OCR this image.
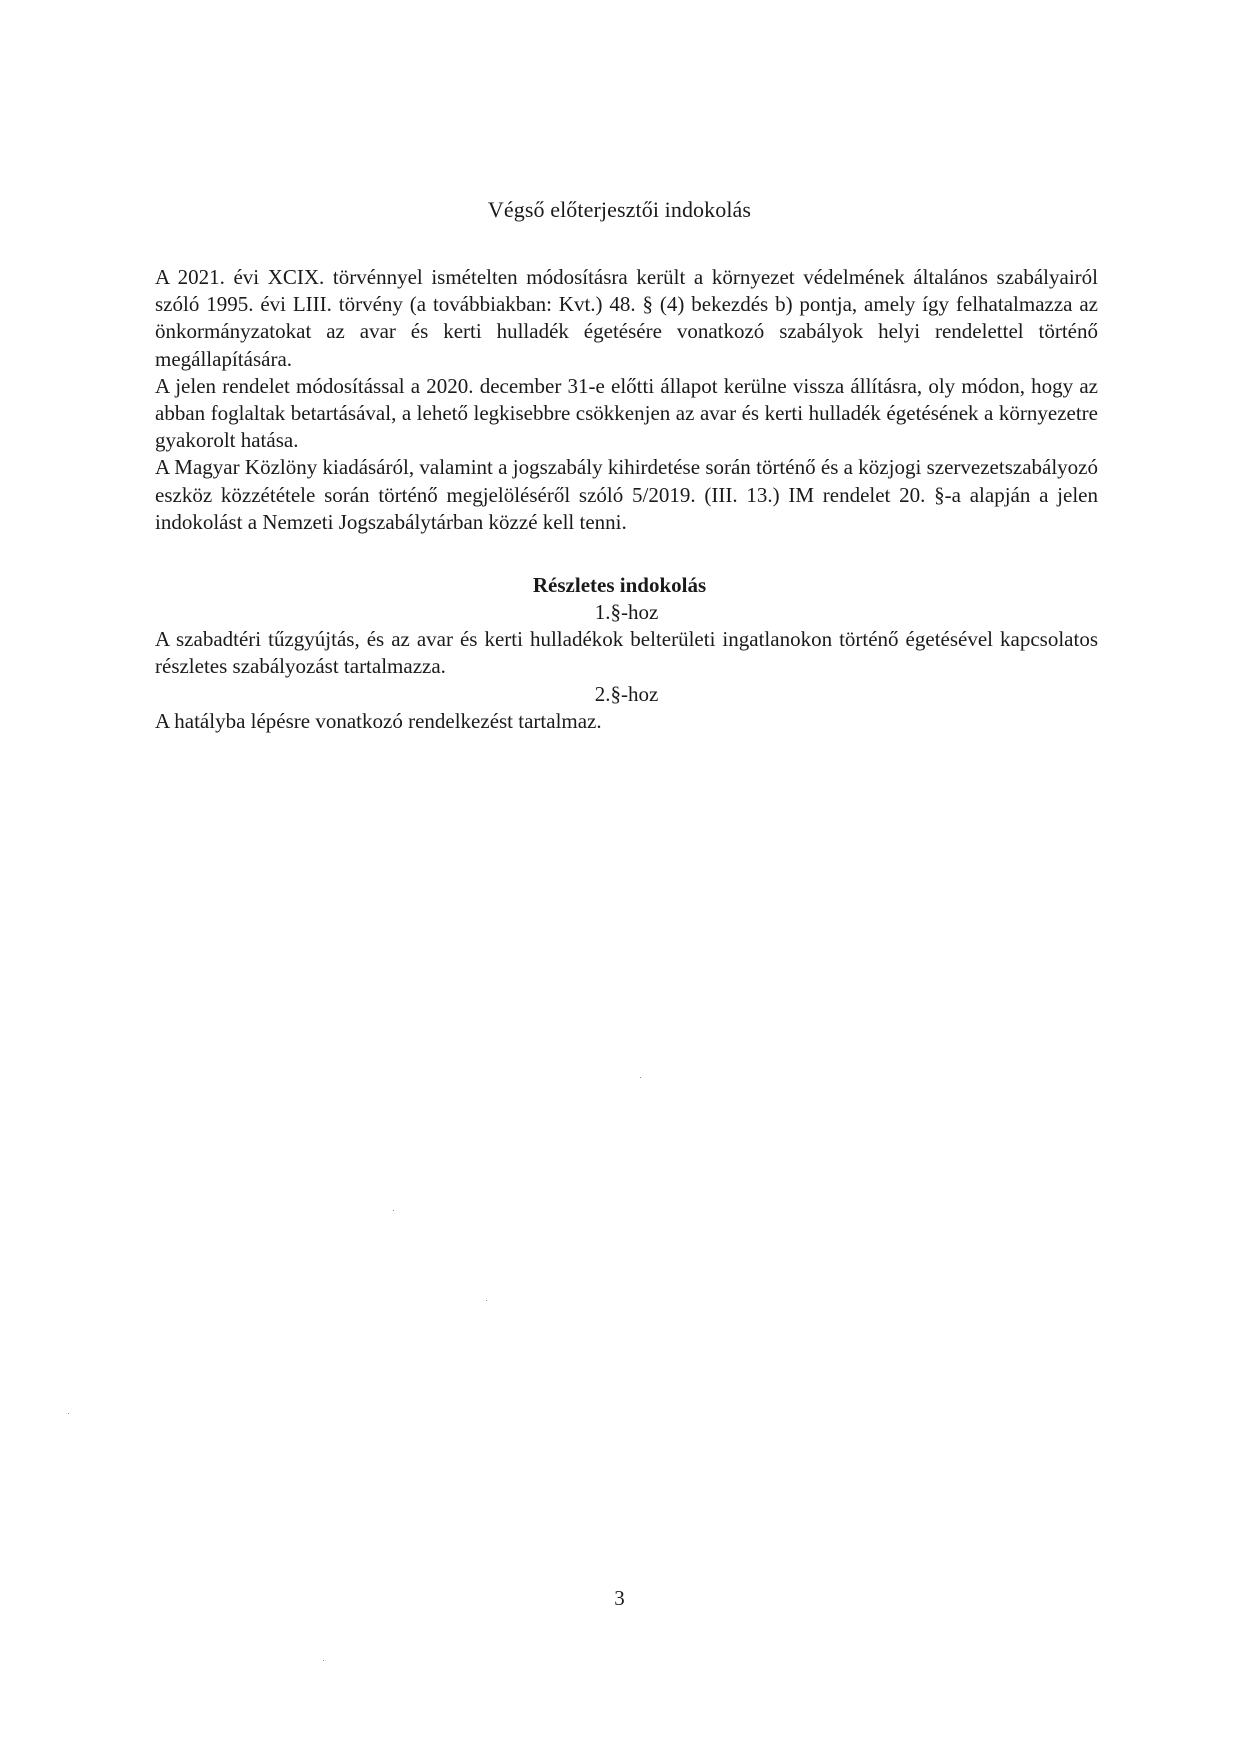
Végső előterjesztői indokolás

A 2021. évi XCIX. törvénnyel ismételten módosításra került a környezet védelmének általános szabályairól szóló 1995. évi LIII. törvény (a továbbiakban: Kvt.) 48. § (4) bekezdés b) pontja, amely így felhatalmazza az önkormányzatokat az avar és kerti hulladék égetésére vonatkozó szabályok helyi rendelettel történő megállapítására.

A jelen rendelet módosítással a 2020. december 31-e előtti állapot kerülne vissza állításra, oly módon, hogy az abban foglaltak betartásával, a lehető legkisebbre csökkenjen az avar és kerti hulladék égetésének a környezetre gyakorolt hatása.

A Magyar Közlöny kiadásáról, valamint a jogszabály kihirdetése során történő és a közjogi szervezetszabályozó eszköz közzététele során történő megjelöléséről szóló 5/2019. (III. 13.) IM rendelet 20. §-a alapján a jelen indokolást a Nemzeti Jogszabálytárban közzé kell tenni.

Részletes indokolás

1.§-hoz

A szabadtéri tűzgyújtás, és az avar és kerti hulladékok belterületi ingatlanokon történő égetésével kapcsolatos részletes szabályozást tartalmazza.

2.§-hoz

A hatályba lépésre vonatkozó rendelkezést tartalmaz.

3
